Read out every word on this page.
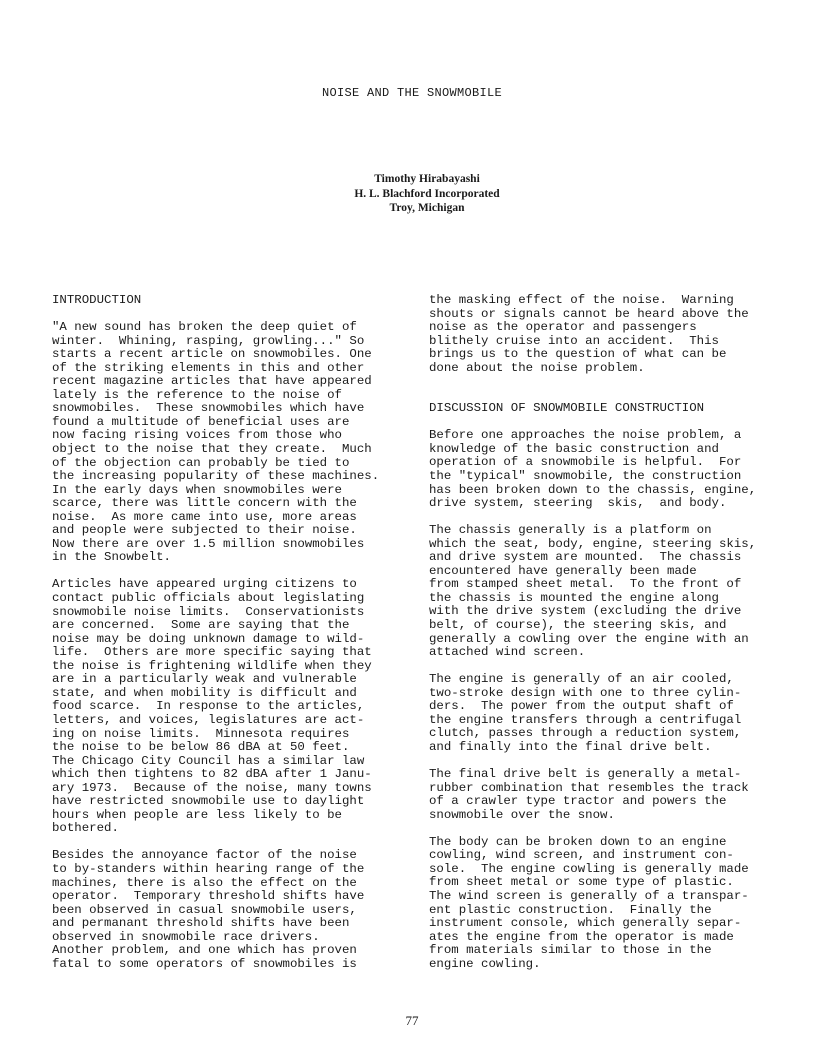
NOISE AND THE SNOWMOBILE
Timothy Hirabayashi
H. L. Blachford Incorporated
Troy, Michigan
INTRODUCTION

"A new sound has broken the deep quiet of
winter.  Whining, rasping, growling..." So
starts a recent article on snowmobiles. One
of the striking elements in this and other
recent magazine articles that have appeared
lately is the reference to the noise of
snowmobiles.  These snowmobiles which have
found a multitude of beneficial uses are
now facing rising voices from those who
object to the noise that they create.  Much
of the objection can probably be tied to
the increasing popularity of these machines.
In the early days when snowmobiles were
scarce, there was little concern with the
noise.  As more came into use, more areas
and people were subjected to their noise.
Now there are over 1.5 million snowmobiles
in the Snowbelt.

Articles have appeared urging citizens to
contact public officials about legislating
snowmobile noise limits.  Conservationists
are concerned.  Some are saying that the
noise may be doing unknown damage to wild-
life.  Others are more specific saying that
the noise is frightening wildlife when they
are in a particularly weak and vulnerable
state, and when mobility is difficult and
food scarce.  In response to the articles,
letters, and voices, legislatures are act-
ing on noise limits.  Minnesota requires
the noise to be below 86 dBA at 50 feet.
The Chicago City Council has a similar law
which then tightens to 82 dBA after 1 Janu-
ary 1973.  Because of the noise, many towns
have restricted snowmobile use to daylight
hours when people are less likely to be
bothered.

Besides the annoyance factor of the noise
to by-standers within hearing range of the
machines, there is also the effect on the
operator.  Temporary threshold shifts have
been observed in casual snowmobile users,
and permanant threshold shifts have been
observed in snowmobile race drivers.
Another problem, and one which has proven
fatal to some operators of snowmobiles is

the masking effect of the noise.  Warning
shouts or signals cannot be heard above the
noise as the operator and passengers
blithely cruise into an accident.  This
brings us to the question of what can be
done about the noise problem.

DISCUSSION OF SNOWMOBILE CONSTRUCTION

Before one approaches the noise problem, a
knowledge of the basic construction and
operation of a snowmobile is helpful.  For
the "typical" snowmobile, the construction
has been broken down to the chassis, engine,
drive system, steering  skis,  and body.

The chassis generally is a platform on
which the seat, body, engine, steering skis,
and drive system are mounted.  The chassis
encountered have generally been made
from stamped sheet metal.  To the front of
the chassis is mounted the engine along
with the drive system (excluding the drive
belt, of course), the steering skis, and
generally a cowling over the engine with an
attached wind screen.

The engine is generally of an air cooled,
two-stroke design with one to three cylin-
ders.  The power from the output shaft of
the engine transfers through a centrifugal
clutch, passes through a reduction system,
and finally into the final drive belt.

The final drive belt is generally a metal-
rubber combination that resembles the track
of a crawler type tractor and powers the
snowmobile over the snow.

The body can be broken down to an engine
cowling, wind screen, and instrument con-
sole.  The engine cowling is generally made
from sheet metal or some type of plastic.
The wind screen is generally of a transpar-
ent plastic construction.  Finally the
instrument console, which generally separ-
ates the engine from the operator is made
from materials similar to those in the
engine cowling.

77
